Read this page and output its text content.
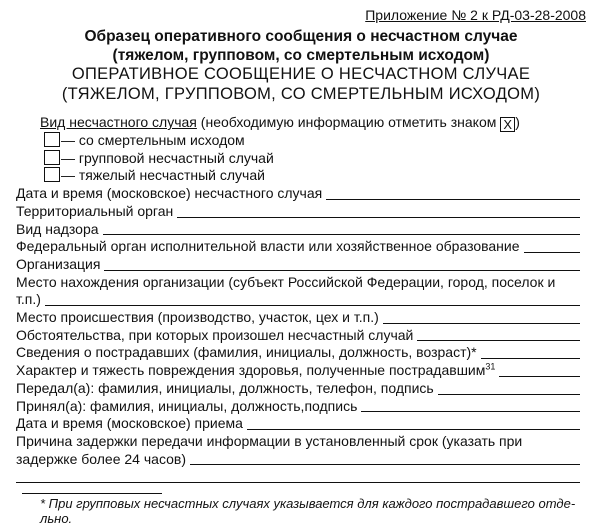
Приложение № 2 к РД-03-28-2008
Образец оперативного сообщения о несчастном случае
(тяжелом, групповом, со смертельным исходом)
ОПЕРАТИВНОЕ СООБЩЕНИЕ О НЕСЧАСТНОМ СЛУЧАЕ
(ТЯЖЕЛОМ, ГРУППОВОМ, СО СМЕРТЕЛЬНЫМ ИСХОДОМ)
Вид несчастного случая (необходимую информацию отметить знаком X )
— со смертельным исходом
— групповой несчастный случай
— тяжелый несчастный случай
Дата и время (московское) несчастного случая
Территориальный орган
Вид надзора
Федеральный орган исполнительной власти или хозяйственное образование
Организация
Место нахождения организации (субъект Российской Федерации, город, поселок и
т.п.)
Место происшествия (производство, участок, цех и т.п.)
Обстоятельства, при которых произошел несчастный случай
Сведения о пострадавших (фамилия, инициалы, должность, возраст)*
Характер и тяжесть повреждения здоровья, полученные пострадавшим$^{31}$
Передал(а): фамилия, инициалы, должность, телефон, подпись
Принял(а): фамилия, инициалы, должность,подпись
Дата и время (московское) приема
Причина задержки передачи информации в установленный срок (указать при
задержке более 24 часов)
* При групповых несчастных случаях указывается для каждого пострадавшего отде-
льно.
